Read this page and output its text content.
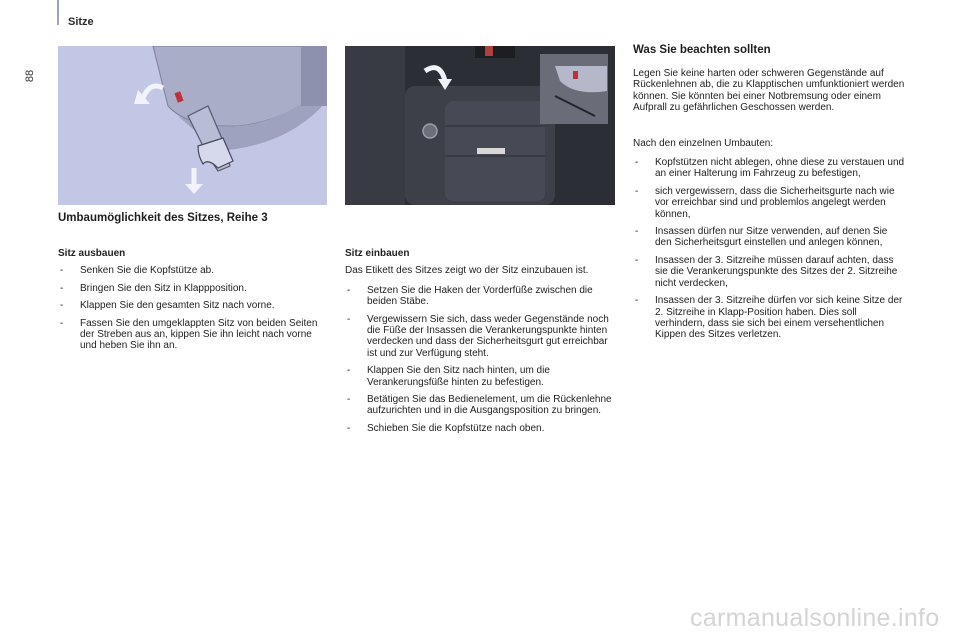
Sitze
88
Umbaumöglichkeit des Sitzes, Reihe 3
Sitz ausbauen
- Senken Sie die Kopfstütze ab.
- Bringen Sie den Sitz in Klappposition.
- Klappen Sie den gesamten Sitz nach vorne.
- Fassen Sie den umgeklappten Sitz von beiden Seiten der Streben aus an, kippen Sie ihn leicht nach vorne und heben Sie ihn an.
Sitz einbauen

Das Etikett des Sitzes zeigt wo der Sitz einzubauen ist.

- Setzen Sie die Haken der Vorderfüße zwischen die beiden Stäbe.
- Vergewissern Sie sich, dass weder Gegenstände noch die Füße der Insassen die Verankerungspunkte hinten verdecken und dass der Sicherheitsgurt gut erreichbar ist und zur Verfügung steht.
- Klappen Sie den Sitz nach hinten, um die Verankerungsfüße hinten zu befestigen.
- Betätigen Sie das Bedienelement, um die Rückenlehne aufzurichten und in die Ausgangsposition zu bringen.
- Schieben Sie die Kopfstütze nach oben.
Was Sie beachten sollten

Legen Sie keine harten oder schweren Gegenstände auf Rückenlehnen ab, die zu Klapptischen umfunktioniert werden können. Sie könnten bei einer Notbremsung oder einem Aufprall zu gefährlichen Geschossen werden.

Nach den einzelnen Umbauten:

- Kopfstützen nicht ablegen, ohne diese zu verstauen und an einer Halterung im Fahrzeug zu befestigen,
- sich vergewissern, dass die Sicherheitsgurte nach wie vor erreichbar sind und problemlos angelegt werden können,
- Insassen dürfen nur Sitze verwenden, auf denen Sie den Sicherheitsgurt einstellen und anlegen können,
- Insassen der 3. Sitzreihe müssen darauf achten, dass sie die Verankerungspunkte des Sitzes der 2. Sitzreihe nicht verdecken,
- Insassen der 3. Sitzreihe dürfen vor sich keine Sitze der 2. Sitzreihe in Klapp-Position haben. Dies soll verhindern, dass sie sich bei einem versehentlichen Kippen des Sitzes verletzen.
carmanualsonline.info
